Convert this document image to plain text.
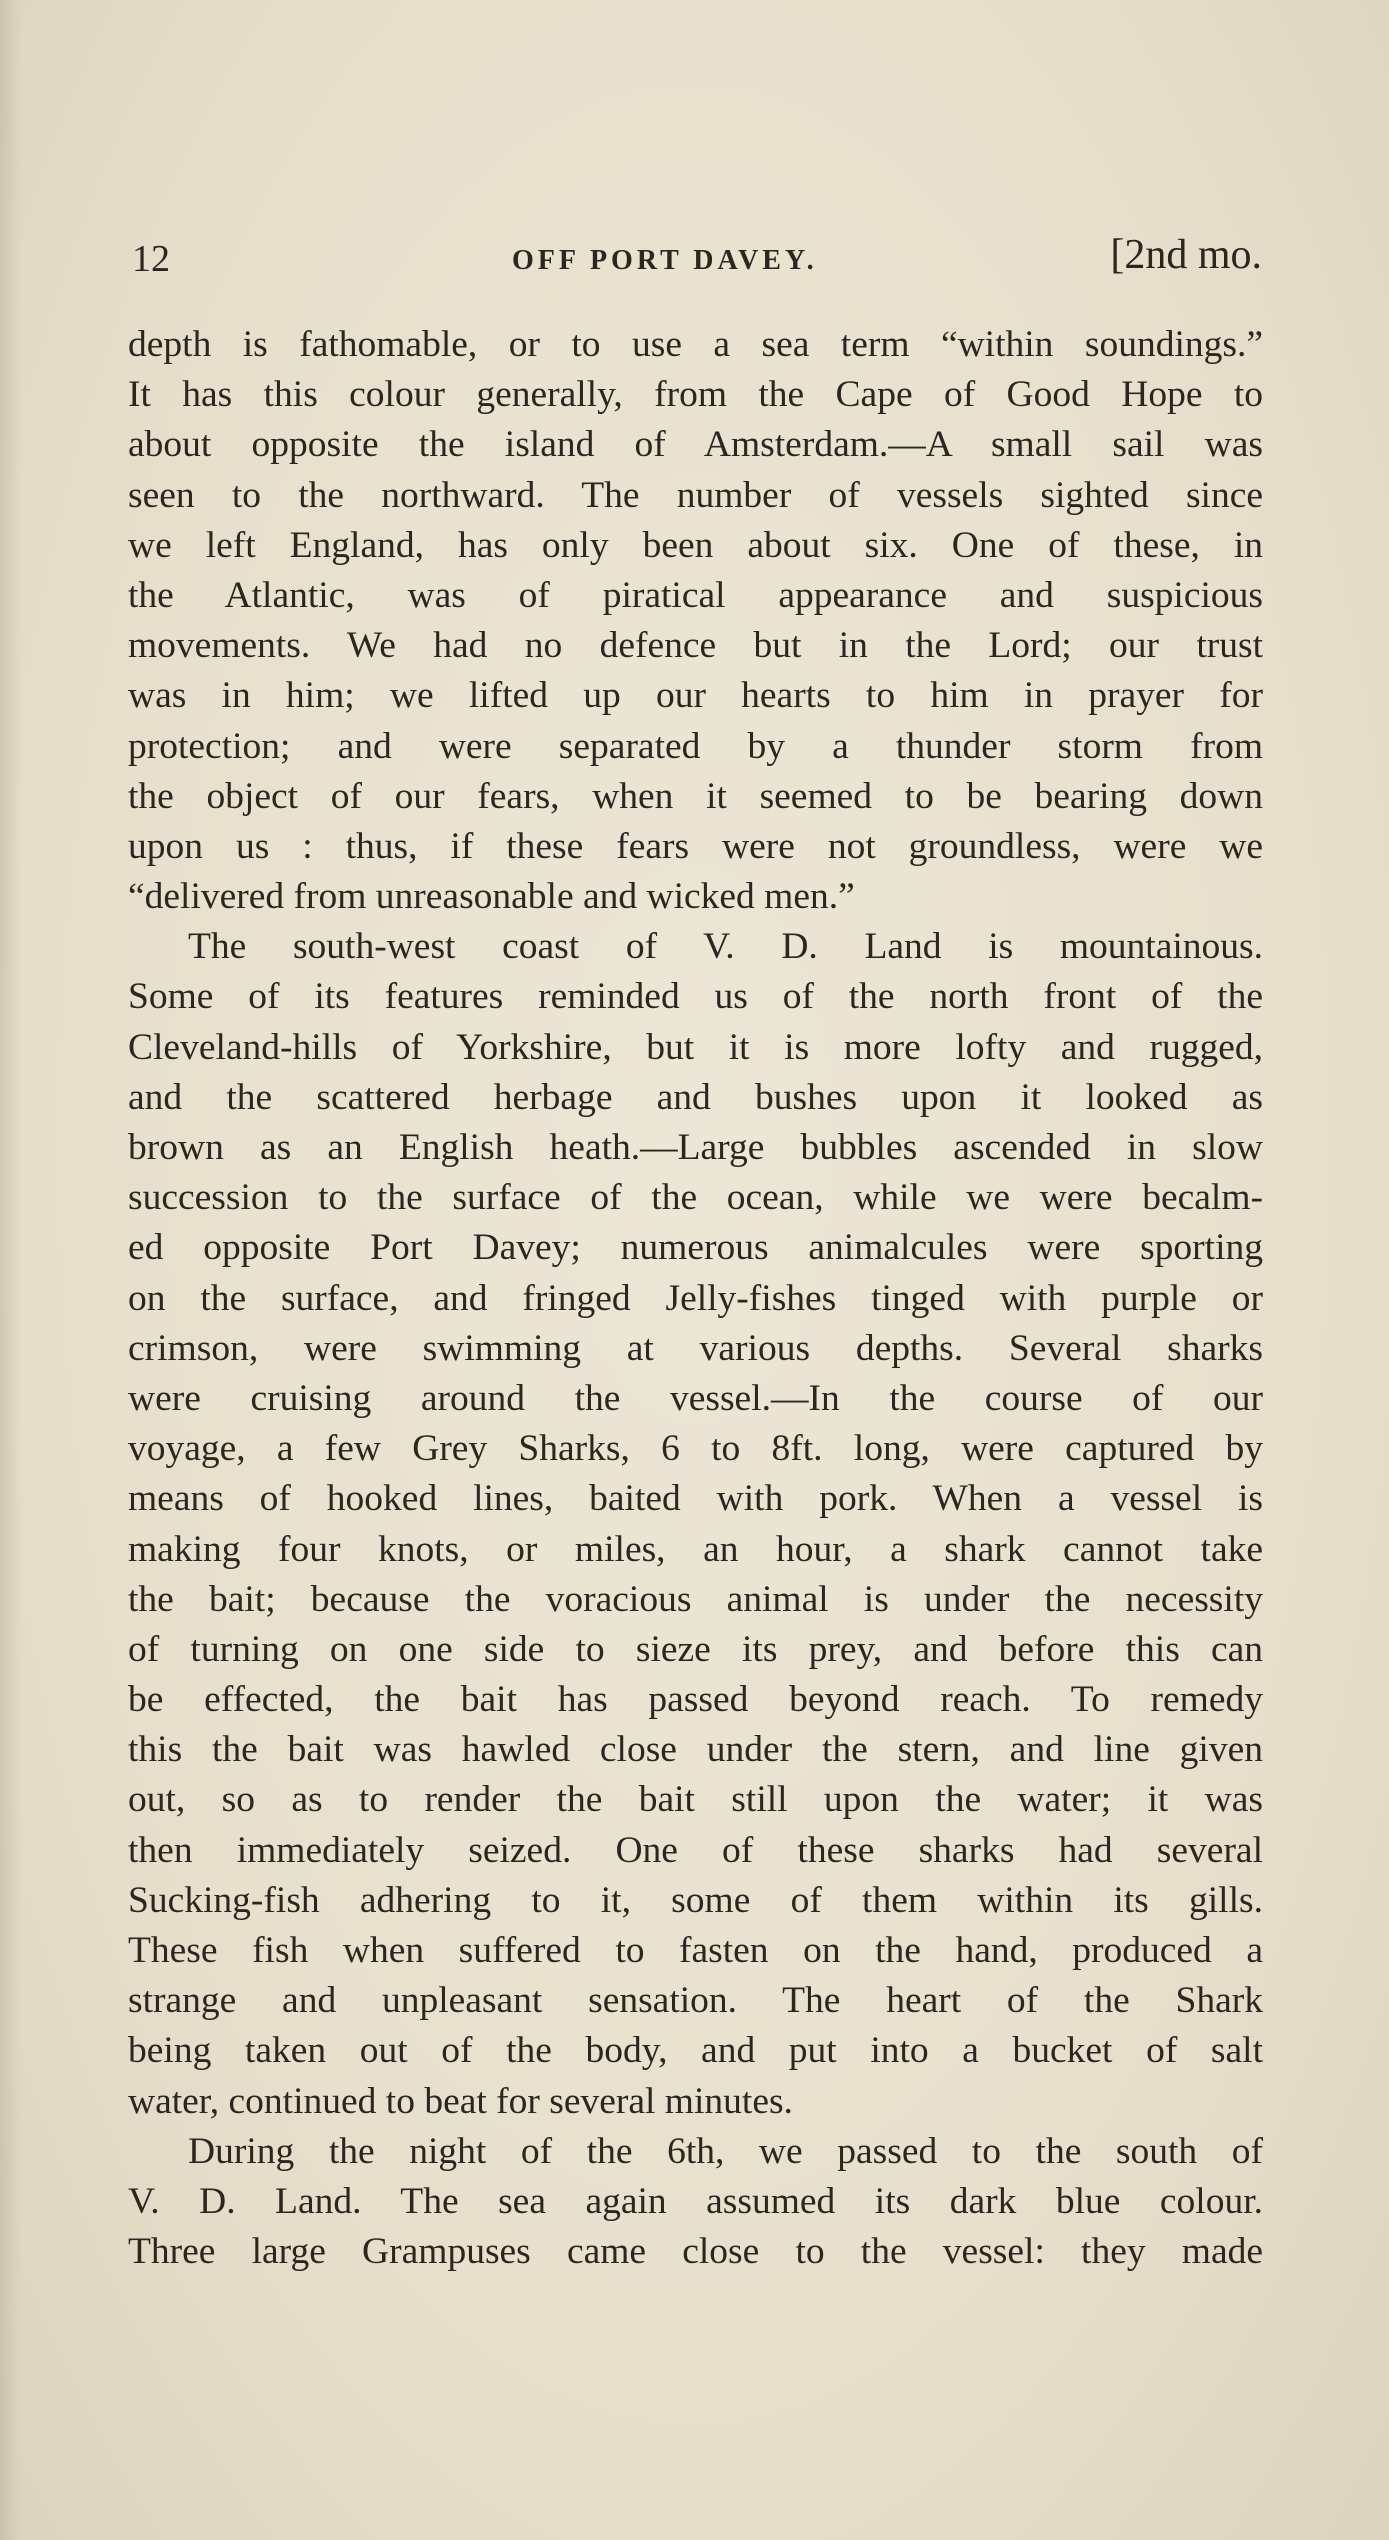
12	OFF PORT DAVEY.	[2nd mo.
depth is fathomable, or to use a sea term “within soundings.”
It has this colour generally, from the Cape of Good Hope to
about opposite the island of Amsterdam.—A small sail was
seen to the northward. The number of vessels sighted since
we left England, has only been about six. One of these, in
the Atlantic, was of piratical appearance and suspicious
movements. We had no defence but in the Lord; our trust
was in him; we lifted up our hearts to him in prayer for
protection; and were separated by a thunder storm from
the object of our fears, when it seemed to be bearing down
upon us : thus, if these fears were not groundless, were we
“delivered from unreasonable and wicked men.”
The south-west coast of V. D. Land is mountainous.
Some of its features reminded us of the north front of the
Cleveland-hills of Yorkshire, but it is more lofty and rugged,
and the scattered herbage and bushes upon it looked as
brown as an English heath.—Large bubbles ascended in slow
succession to the surface of the ocean, while we were becalm-
ed opposite Port Davey; numerous animalcules were sporting
on the surface, and fringed Jelly-fishes tinged with purple or
crimson, were swimming at various depths. Several sharks
were cruising around the vessel.—In the course of our
voyage, a few Grey Sharks, 6 to 8ft. long, were captured by
means of hooked lines, baited with pork. When a vessel is
making four knots, or miles, an hour, a shark cannot take
the bait; because the voracious animal is under the necessity
of turning on one side to sieze its prey, and before this can
be effected, the bait has passed beyond reach. To remedy
this the bait was hawled close under the stern, and line given
out, so as to render the bait still upon the water; it was
then immediately seized. One of these sharks had several
Sucking-fish adhering to it, some of them within its gills.
These fish when suffered to fasten on the hand, produced a
strange and unpleasant sensation. The heart of the Shark
being taken out of the body, and put into a bucket of salt
water, continued to beat for several minutes.
During the night of the 6th, we passed to the south of
V. D. Land. The sea again assumed its dark blue colour.
Three large Grampuses came close to the vessel: they made
